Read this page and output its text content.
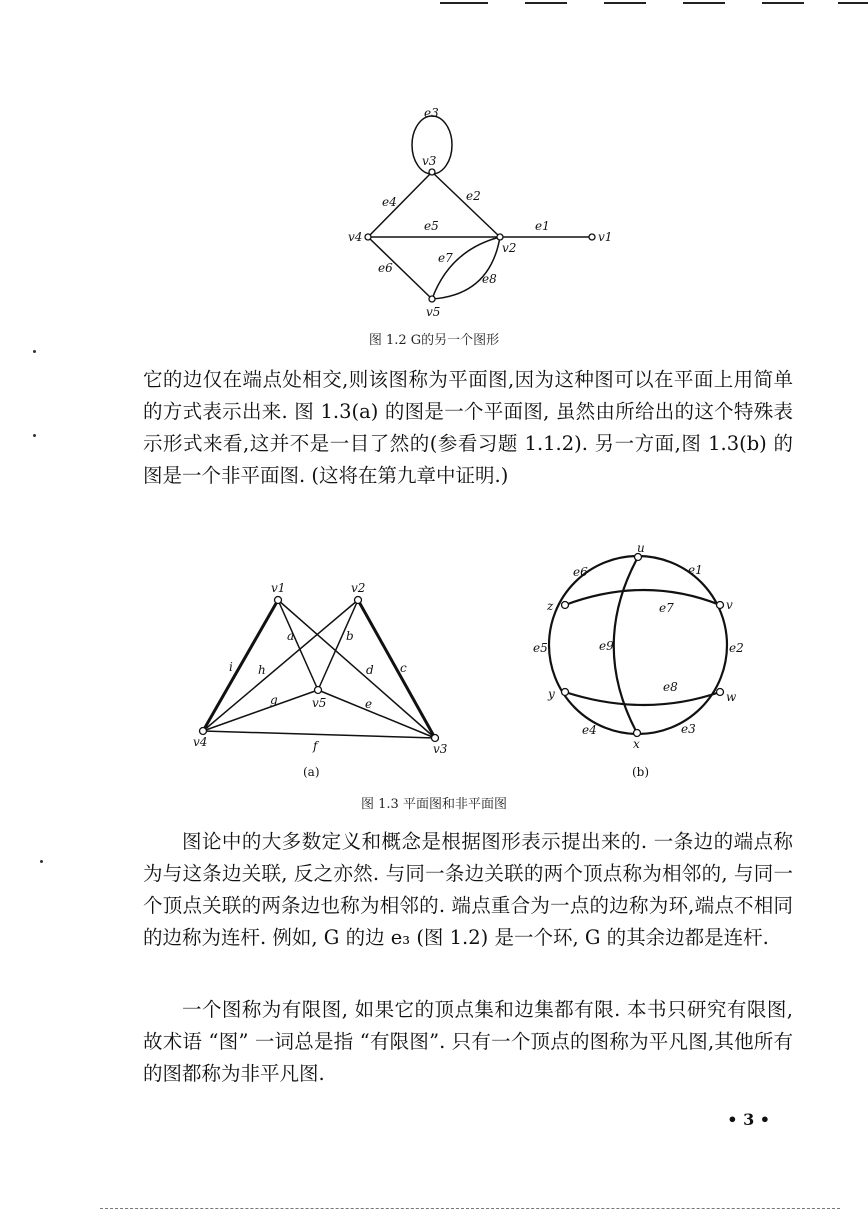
e3
v3
e4	e2
e5	e1
v4
v2
v1
e6
e7
e8
v5
图 1.2 G的另一个图形

它的边仅在端点处相交,则该图称为平面图,因为这种图可以在平面上用简单的方式表示出来. 图 1.3(a) 的图是一个平面图, 虽然由所给出的这个特殊表示形式来看,这并不是一目了然的(参看习题 1.1.2). 另一方面,图 1.3(b) 的图是一个非平面图. (这将在第九章中证明.)

v1	v2
v4	v3
v5
a	b
c
d
e
f
g
h
i
(a)
u
v
w
x
y
z
e1
e2
e3
e4
e5
e6
e7
e8
e9
(b)
图 1.3 平面图和非平面图

图论中的大多数定义和概念是根据图形表示提出来的. 一条边的端点称为与这条边关联, 反之亦然. 与同一条边关联的两个顶点称为相邻的, 与同一个顶点关联的两条边也称为相邻的. 端点重合为一点的边称为环,端点不相同的边称为连杆. 例如, G 的边 e₃ (图 1.2) 是一个环, G 的其余边都是连杆.

一个图称为有限图, 如果它的顶点集和边集都有限. 本书只研究有限图, 故术语 “图” 一词总是指 “有限图”. 只有一个顶点的图称为平凡图,其他所有的图都称为非平凡图.

• 3 •
